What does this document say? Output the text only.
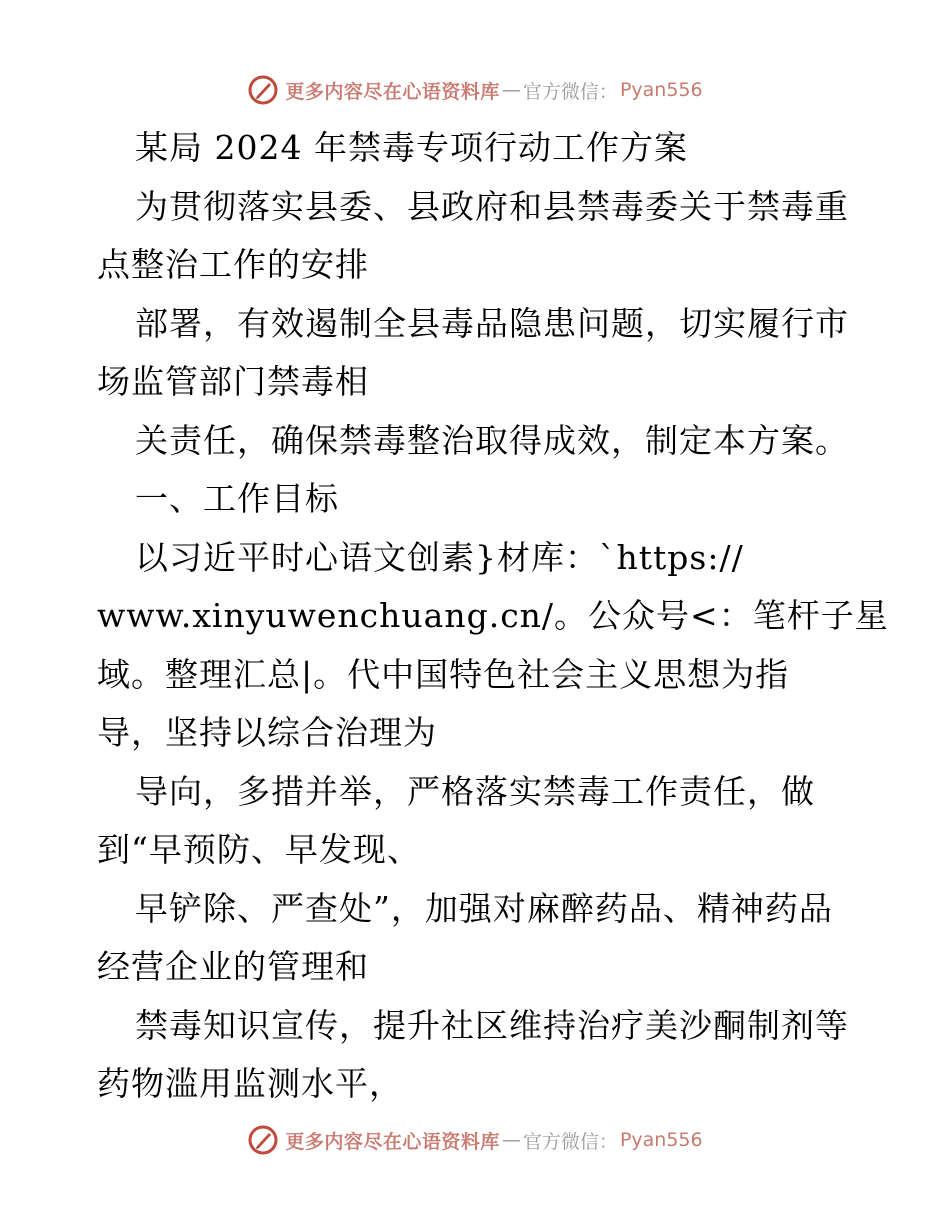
更多内容尽在心语资料库 — 官方微信： Pyan556
某局 2024 年禁毒专项行动工作方案
为贯彻落实县委、县政府和县禁毒委关于禁毒重
点整治工作的安排
部署，有效遏制全县毒品隐患问题，切实履行市
场监管部门禁毒相
关责任，确保禁毒整治取得成效，制定本方案。
一、工作目标
以习近平时心语文创素}材库：`https://
www.xinyuwenchuang.cn/。公众号<：笔杆子星
域。整理汇总|。代中国特色社会主义思想为指
导，坚持以综合治理为
导向，多措并举，严格落实禁毒工作责任，做
到“早预防、早发现、
早铲除、严查处”，加强对麻醉药品、精神药品
经营企业的管理和
禁毒知识宣传，提升社区维持治疗美沙酮制剂等
药物滥用监测水平，
更多内容尽在心语资料库 — 官方微信： Pyan556
